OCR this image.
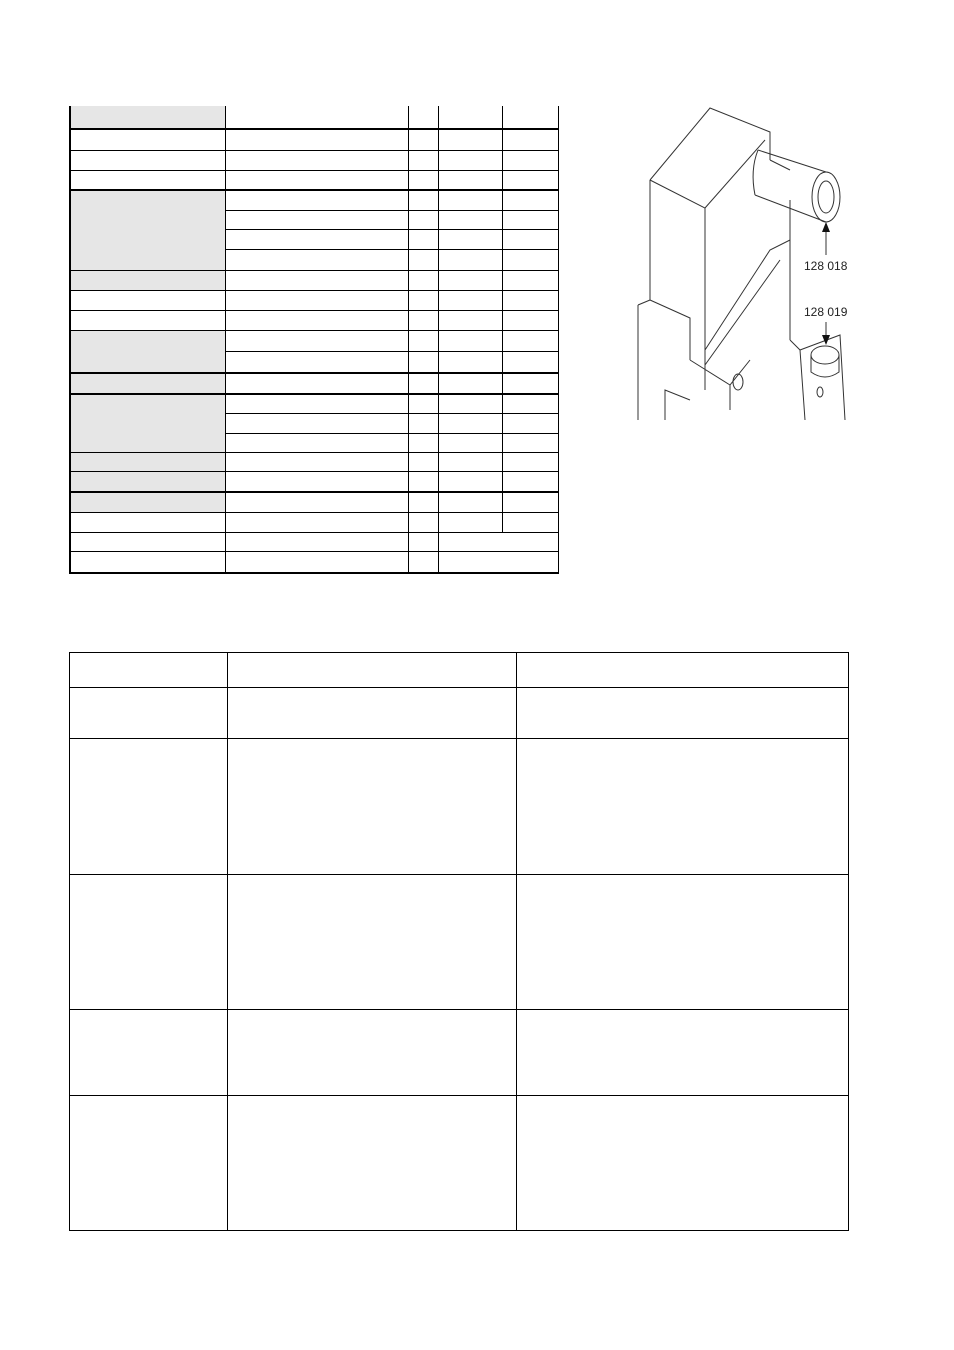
128 018
128 019
